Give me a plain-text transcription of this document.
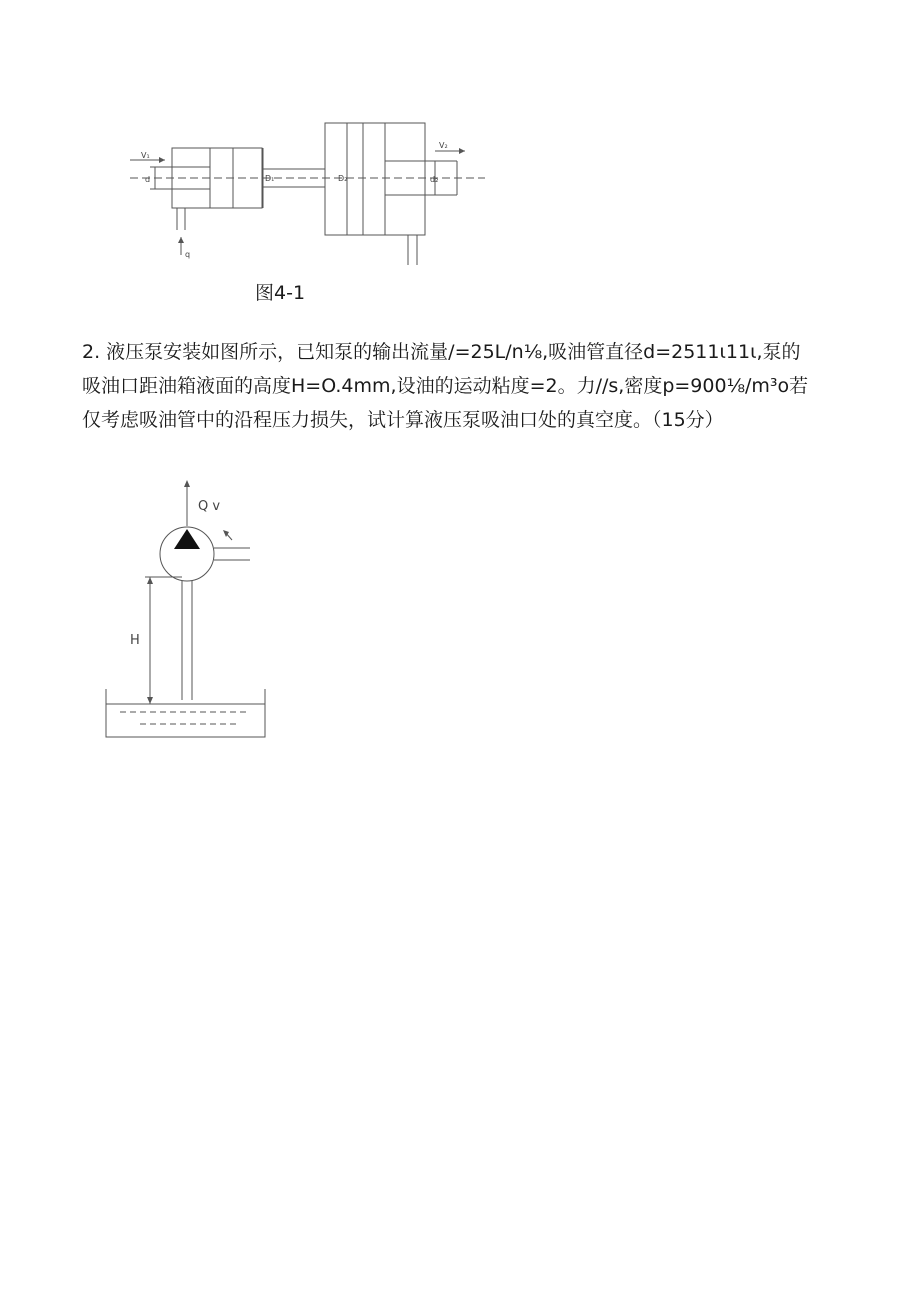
V₁
d	D₁	D₂
V₂
d₂
q
图4-1
2. 液压泵安装如图所示，已知泵的输出流量/=25L/n⅛,吸油管直径d=2511ι11ι,泵的
吸油口距油箱液面的高度H=O.4mm,设油的运动粘度=2。力//s,密度p=900⅛∕m³o若
仅考虑吸油管中的沿程压力损失，试计算液压泵吸油口处的真空度。（15分）
Q v
H
